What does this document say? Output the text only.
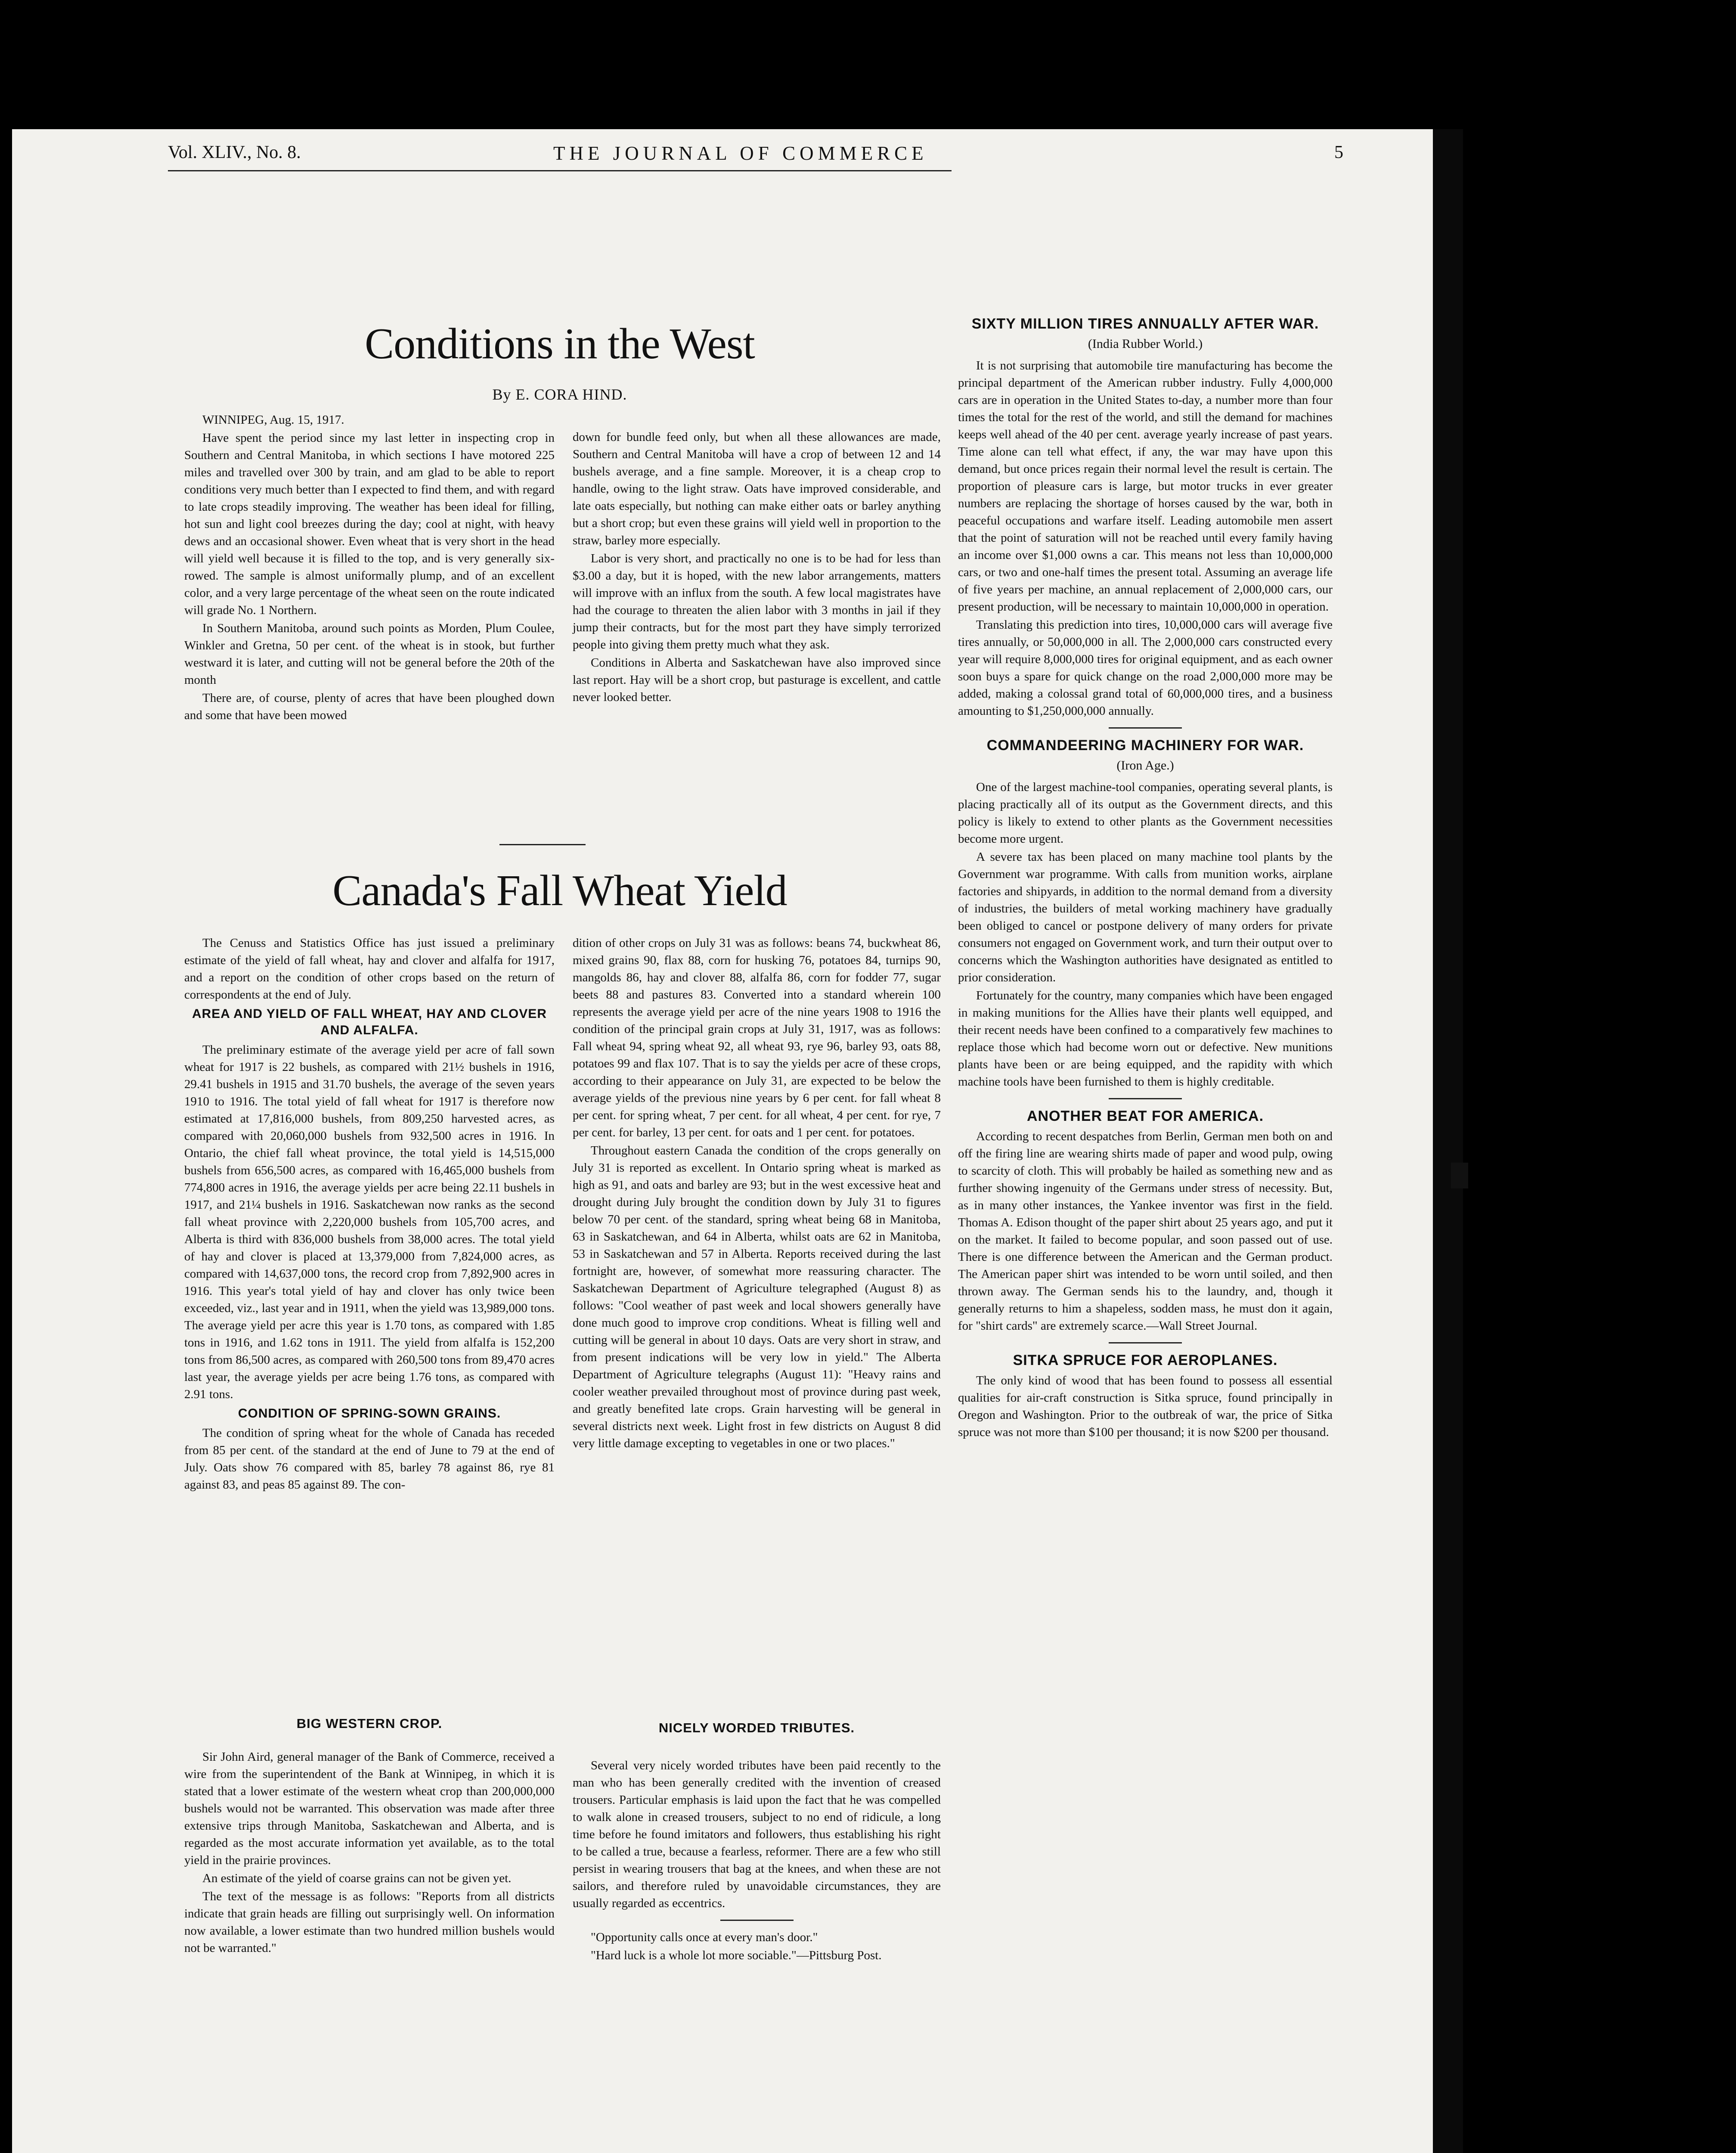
Vol. XLIV., No. 8.	THE JOURNAL OF COMMERCE	5
Conditions in the West
By E. CORA HIND.

WINNIPEG, Aug. 15, 1917.

Have spent the period since my last letter in inspecting crop in Southern and Central Manitoba, in which sections I have motored 225 miles and travelled over 300 by train, and am glad to be able to report conditions very much better than I expected to find them, and with regard to late crops steadily improving. The weather has been ideal for filling, hot sun and light cool breezes during the day; cool at night, with heavy dews and an occasional shower. Even wheat that is very short in the head will yield well because it is filled to the top, and is very generally six-rowed. The sample is almost uniformally plump, and of an excellent color, and a very large percentage of the wheat seen on the route indicated will grade No. 1 Northern.

In Southern Manitoba, around such points as Morden, Plum Coulee, Winkler and Gretna, 50 per cent. of the wheat is in stook, but further westward it is later, and cutting will not be general before the 20th of the month

There are, of course, plenty of acres that have been ploughed down and some that have been mowed

down for bundle feed only, but when all these allowances are made, Southern and Central Manitoba will have a crop of between 12 and 14 bushels average, and a fine sample. Moreover, it is a cheap crop to handle, owing to the light straw. Oats have improved considerable, and late oats especially, but nothing can make either oats or barley anything but a short crop; but even these grains will yield well in proportion to the straw, barley more especially.

Labor is very short, and practically no one is to be had for less than $3.00 a day, but it is hoped, with the new labor arrangements, matters will improve with an influx from the south. A few local magistrates have had the courage to threaten the alien labor with 3 months in jail if they jump their contracts, but for the most part they have simply terrorized people into giving them pretty much what they ask.

Conditions in Alberta and Saskatchewan have also improved since last report. Hay will be a short crop, but pasturage is excellent, and cattle never looked better.

Canada's Fall Wheat Yield

The Cenuss and Statistics Office has just issued a preliminary estimate of the yield of fall wheat, hay and clover and alfalfa for 1917, and a report on the condition of other crops based on the return of correspondents at the end of July.

AREA AND YIELD OF FALL WHEAT, HAY AND CLOVER AND ALFALFA.

The preliminary estimate of the average yield per acre of fall sown wheat for 1917 is 22 bushels, as compared with 21½ bushels in 1916, 29.41 bushels in 1915 and 31.70 bushels, the average of the seven years 1910 to 1916. The total yield of fall wheat for 1917 is therefore now estimated at 17,816,000 bushels, from 809,250 harvested acres, as compared with 20,060,000 bushels from 932,500 acres in 1916. In Ontario, the chief fall wheat province, the total yield is 14,515,000 bushels from 656,500 acres, as compared with 16,465,000 bushels from 774,800 acres in 1916, the average yields per acre being 22.11 bushels in 1917, and 21¼ bushels in 1916. Saskatchewan now ranks as the second fall wheat province with 2,220,000 bushels from 105,700 acres, and Alberta is third with 836,000 bushels from 38,000 acres. The total yield of hay and clover is placed at 13,379,000 from 7,824,000 acres, as compared with 14,637,000 tons, the record crop from 7,892,900 acres in 1916. This year's total yield of hay and clover has only twice been exceeded, viz., last year and in 1911, when the yield was 13,989,000 tons. The average yield per acre this year is 1.70 tons, as compared with 1.85 tons in 1916, and 1.62 tons in 1911. The yield from alfalfa is 152,200 tons from 86,500 acres, as compared with 260,500 tons from 89,470 acres last year, the average yields per acre being 1.76 tons, as compared with 2.91 tons.

CONDITION OF SPRING-SOWN GRAINS.

The condition of spring wheat for the whole of Canada has receded from 85 per cent. of the standard at the end of June to 79 at the end of July. Oats show 76 compared with 85, barley 78 against 86, rye 81 against 83, and peas 85 against 89. The con-

dition of other crops on July 31 was as follows: beans 74, buckwheat 86, mixed grains 90, flax 88, corn for husking 76, potatoes 84, turnips 90, mangolds 86, hay and clover 88, alfalfa 86, corn for fodder 77, sugar beets 88 and pastures 83. Converted into a standard wherein 100 represents the average yield per acre of the nine years 1908 to 1916 the condition of the principal grain crops at July 31, 1917, was as follows: Fall wheat 94, spring wheat 92, all wheat 93, rye 96, barley 93, oats 88, potatoes 99 and flax 107. That is to say the yields per acre of these crops, according to their appearance on July 31, are expected to be below the average yields of the previous nine years by 6 per cent. for fall wheat 8 per cent. for spring wheat, 7 per cent. for all wheat, 4 per cent. for rye, 7 per cent. for barley, 13 per cent. for oats and 1 per cent. for potatoes.

Throughout eastern Canada the condition of the crops generally on July 31 is reported as excellent. In Ontario spring wheat is marked as high as 91, and oats and barley are 93; but in the west excessive heat and drought during July brought the condition down by July 31 to figures below 70 per cent. of the standard, spring wheat being 68 in Manitoba, 63 in Saskatchewan, and 64 in Alberta, whilst oats are 62 in Manitoba, 53 in Saskatchewan and 57 in Alberta. Reports received during the last fortnight are, however, of somewhat more reassuring character. The Saskatchewan Department of Agriculture telegraphed (August 8) as follows: "Cool weather of past week and local showers generally have done much good to improve crop conditions. Wheat is filling well and cutting will be general in about 10 days. Oats are very short in straw, and from present indications will be very low in yield." The Alberta Department of Agriculture telegraphs (August 11): "Heavy rains and cooler weather prevailed throughout most of province during past week, and greatly benefited late crops. Grain harvesting will be general in several districts next week. Light frost in few districts on August 8 did very little damage excepting to vegetables in one or two places."

BIG WESTERN CROP.

Sir John Aird, general manager of the Bank of Commerce, received a wire from the superintendent of the Bank at Winnipeg, in which it is stated that a lower estimate of the western wheat crop than 200,000,000 bushels would not be warranted. This observation was made after three extensive trips through Manitoba, Saskatchewan and Alberta, and is regarded as the most accurate information yet available, as to the total yield in the prairie provinces.

An estimate of the yield of coarse grains can not be given yet.

The text of the message is as follows: "Reports from all districts indicate that grain heads are filling out surprisingly well. On information now available, a lower estimate than two hundred million bushels would not be warranted."

NICELY WORDED TRIBUTES.

Several very nicely worded tributes have been paid recently to the man who has been generally credited with the invention of creased trousers. Particular emphasis is laid upon the fact that he was compelled to walk alone in creased trousers, subject to no end of ridicule, a long time before he found imitators and followers, thus establishing his right to be called a true, because a fearless, reformer. There are a few who still persist in wearing trousers that bag at the knees, and when these are not sailors, and therefore ruled by unavoidable circumstances, they are usually regarded as eccentrics.

"Opportunity calls once at every man's door."

"Hard luck is a whole lot more sociable."—Pittsburg Post.

SIXTY MILLION TIRES ANNUALLY AFTER WAR.
(India Rubber World.)

It is not surprising that automobile tire manufacturing has become the principal department of the American rubber industry. Fully 4,000,000 cars are in operation in the United States to-day, a number more than four times the total for the rest of the world, and still the demand for machines keeps well ahead of the 40 per cent. average yearly increase of past years. Time alone can tell what effect, if any, the war may have upon this demand, but once prices regain their normal level the result is certain. The proportion of pleasure cars is large, but motor trucks in ever greater numbers are replacing the shortage of horses caused by the war, both in peaceful occupations and warfare itself. Leading automobile men assert that the point of saturation will not be reached until every family having an income over $1,000 owns a car. This means not less than 10,000,000 cars, or two and one-half times the present total. Assuming an average life of five years per machine, an annual replacement of 2,000,000 cars, our present production, will be necessary to maintain 10,000,000 in operation.

Translating this prediction into tires, 10,000,000 cars will average five tires annually, or 50,000,000 in all. The 2,000,000 cars constructed every year will require 8,000,000 tires for original equipment, and as each owner soon buys a spare for quick change on the road 2,000,000 more may be added, making a colossal grand total of 60,000,000 tires, and a business amounting to $1,250,000,000 annually.

COMMANDEERING MACHINERY FOR WAR.
(Iron Age.)

One of the largest machine-tool companies, operating several plants, is placing practically all of its output as the Government directs, and this policy is likely to extend to other plants as the Government necessities become more urgent.

A severe tax has been placed on many machine tool plants by the Government war programme. With calls from munition works, airplane factories and shipyards, in addition to the normal demand from a diversity of industries, the builders of metal working machinery have gradually been obliged to cancel or postpone delivery of many orders for private consumers not engaged on Government work, and turn their output over to concerns which the Washington authorities have designated as entitled to prior consideration.

Fortunately for the country, many companies which have been engaged in making munitions for the Allies have their plants well equipped, and their recent needs have been confined to a comparatively few machines to replace those which had become worn out or defective. New munitions plants have been or are being equipped, and the rapidity with which machine tools have been furnished to them is highly creditable.

ANOTHER BEAT FOR AMERICA.

According to recent despatches from Berlin, German men both on and off the firing line are wearing shirts made of paper and wood pulp, owing to scarcity of cloth. This will probably be hailed as something new and as further showing ingenuity of the Germans under stress of necessity. But, as in many other instances, the Yankee inventor was first in the field. Thomas A. Edison thought of the paper shirt about 25 years ago, and put it on the market. It failed to become popular, and soon passed out of use. There is one difference between the American and the German product. The American paper shirt was intended to be worn until soiled, and then thrown away. The German sends his to the laundry, and, though it generally returns to him a shapeless, sodden mass, he must don it again, for "shirt cards" are extremely scarce.—Wall Street Journal.

SITKA SPRUCE FOR AEROPLANES.

The only kind of wood that has been found to possess all essential qualities for air-craft construction is Sitka spruce, found principally in Oregon and Washington. Prior to the outbreak of war, the price of Sitka spruce was not more than $100 per thousand; it is now $200 per thousand.
